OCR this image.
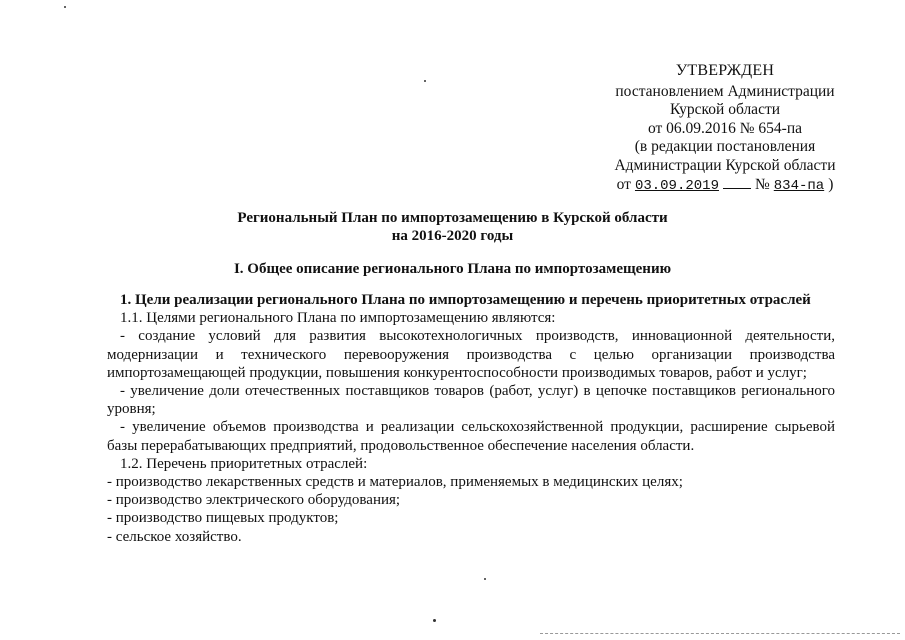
УТВЕРЖДЕН
постановлением Администрации
Курской области
от 06.09.2016 № 654-па
(в редакции постановления
Администрации Курской области
от 03.09.2019 № 834-па )
Региональный План по импортозамещению в Курской области
на 2016-2020 годы
I. Общее описание регионального Плана по импортозамещению

1. Цели реализации регионального Плана по импортозамещению и перечень приоритетных отраслей

1.1. Целями регионального Плана по импортозамещению являются:

- создание условий для развития высокотехнологичных производств, инновационной деятельности, модернизации и технического перевооружения производства с целью организации производства импортозамещающей продукции, повышения конкурентоспособности производимых товаров, работ и услуг;

- увеличение доли отечественных поставщиков товаров (работ, услуг) в цепочке поставщиков регионального уровня;

- увеличение объемов производства и реализации сельскохозяйственной продукции, расширение сырьевой базы перерабатывающих предприятий, продовольственное обеспечение населения области.

1.2. Перечень приоритетных отраслей:

- производство лекарственных средств и материалов, применяемых в медицинских целях;

- производство электрического оборудования;

- производство пищевых продуктов;

- сельское хозяйство.
